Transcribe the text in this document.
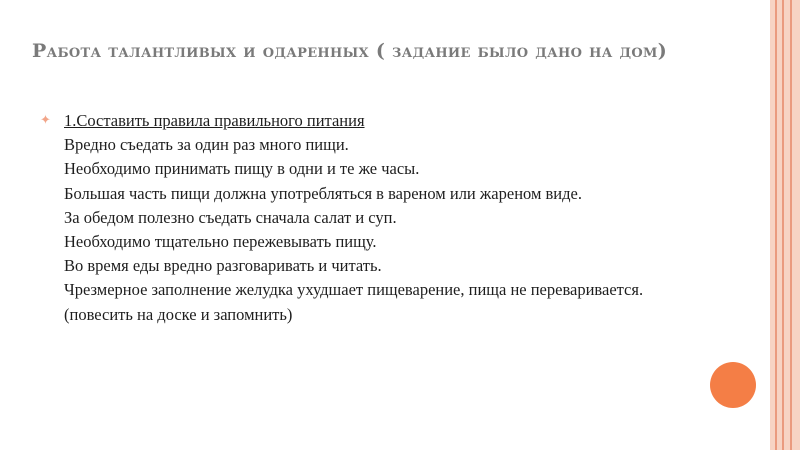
Работа талантливых и одаренных ( задание было дано на дом)
✦ 1.Составить правила правильного питания
Вредно съедать за один раз много пищи.
Необходимо принимать пищу в одни и те же часы.
Большая часть пищи должна употребляться в вареном или жареном виде.
За обедом полезно съедать сначала салат и суп.
Необходимо тщательно пережевывать пищу.
Во время еды вредно разговаривать и читать.
Чрезмерное заполнение желудка ухудшает пищеварение, пища не переваривается.
(повесить на доске и запомнить)
